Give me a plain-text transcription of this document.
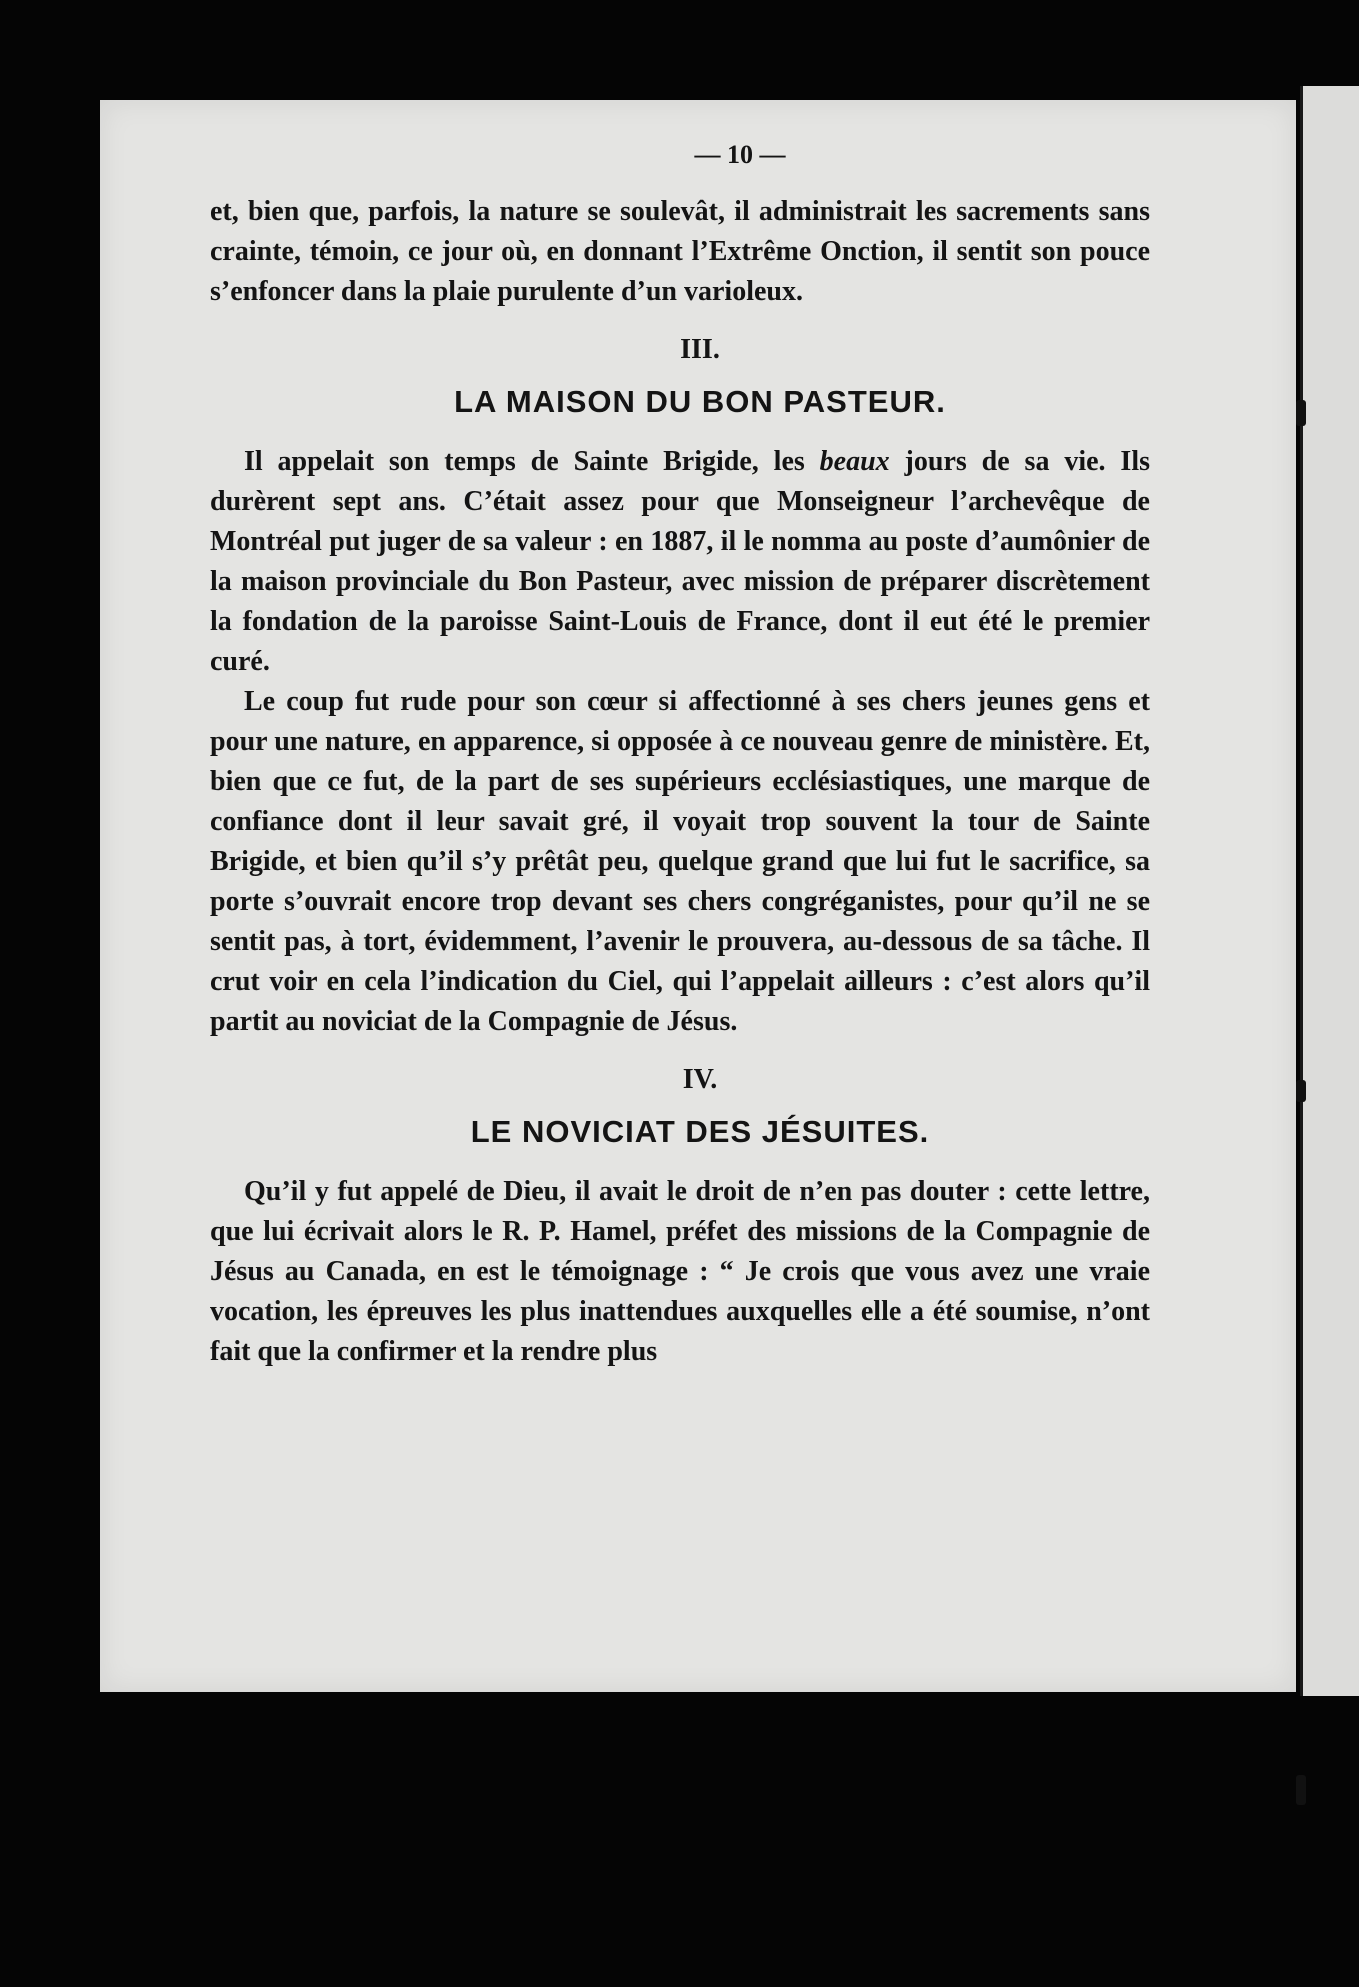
— 10 —

et, bien que, parfois, la nature se soulevât, il administrait les sacrements sans crainte, témoin, ce jour où, en donnant l’Extrême Onction, il sentit son pouce s’enfoncer dans la plaie purulente d’un varioleux.

III.
LA MAISON DU BON PASTEUR.

Il appelait son temps de Sainte Brigide, les beaux jours de sa vie. Ils durèrent sept ans. C’était assez pour que Monseigneur l’archevêque de Montréal put juger de sa valeur : en 1887, il le nomma au poste d’aumônier de la maison provinciale du Bon Pasteur, avec mission de préparer discrètement la fondation de la paroisse Saint-Louis de France, dont il eut été le premier curé.

Le coup fut rude pour son cœur si affectionné à ses chers jeunes gens et pour une nature, en apparence, si opposée à ce nouveau genre de ministère. Et, bien que ce fut, de la part de ses supérieurs ecclésiastiques, une marque de confiance dont il leur savait gré, il voyait trop souvent la tour de Sainte Brigide, et bien qu’il s’y prêtât peu, quelque grand que lui fut le sacrifice, sa porte s’ouvrait encore trop devant ses chers congréganistes, pour qu’il ne se sentit pas, à tort, évidemment, l’avenir le prouvera, au-dessous de sa tâche. Il crut voir en cela l’indication du Ciel, qui l’appelait ailleurs : c’est alors qu’il partit au noviciat de la Compagnie de Jésus.

IV.
LE NOVICIAT DES JÉSUITES.

Qu’il y fut appelé de Dieu, il avait le droit de n’en pas douter : cette lettre, que lui écrivait alors le R. P. Hamel, préfet des missions de la Compagnie de Jésus au Canada, en est le témoignage : “ Je crois que vous avez une vraie vocation, les épreuves les plus inattendues auxquelles elle a été soumise, n’ont fait que la confirmer et la rendre plus
